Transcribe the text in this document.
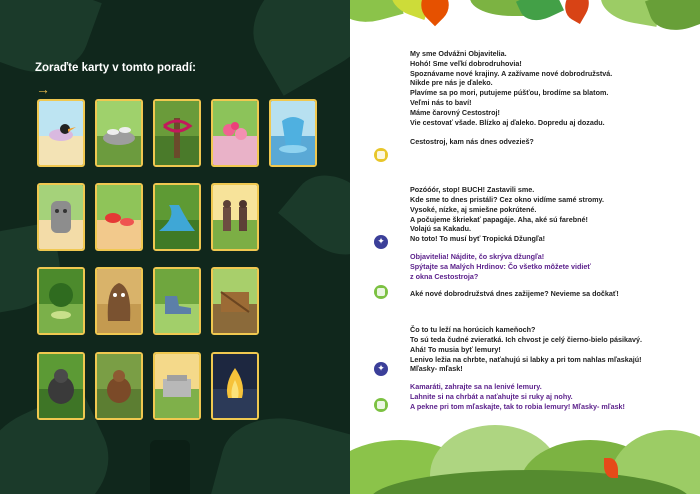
Zoraďte karty v tomto poradí:
→

My sme Odvážni Objavitelia.

Hohó! Sme veľkí dobrodruhovia!

Spoznávame nové krajiny. A zažívame nové dobrodružstvá.

Nikde pre nás je ďaleko.

Plavíme sa po mori, putujeme púšťou, brodíme sa blatom.

Veľmi nás to baví!

Máme čarovný Cestostroj!

Vie cestovať všade. Blízko aj ďaleko. Dopredu aj dozadu.

Cestostroj, kam nás dnes odvezieš?

Pozóóór, stop! BUCH! Zastavili sme.

Kde sme to dnes pristáli? Cez okno vidíme samé stromy.

Vysoké, nízke, aj smiešne pokrútené.

A počujeme škriekať papagáje. Aha, aké sú farebné!

Volajú sa Kakadu.

No toto! To musí byť Tropická Džungľa!

Objavitelia! Nájdite, čo skrýva džungľa!

Spýtajte sa Malých Hrdinov: Čo všetko môžete vidieť

z okna Cestostroja?

Aké nové dobrodružstvá dnes zažijeme? Nevieme sa dočkať!

Čo to tu leží na horúcich kameňoch?

To sú teda čudné zvieratká. Ich chvost je celý čierno-bielo pásikavý.

Ahá! To musia byť lemury!

Lenivo ležia na chrbte, naťahujú si labky a pri tom nahlas mľaskajú!

Mľasky- mľask!

Kamaráti, zahrajte sa na lenivé lemury.

Lahnite si na chrbát a naťahujte si ruky aj nohy.

A pekne pri tom mľaskajte, tak to robia lemury! Mľasky- mľask!

✦
✦
